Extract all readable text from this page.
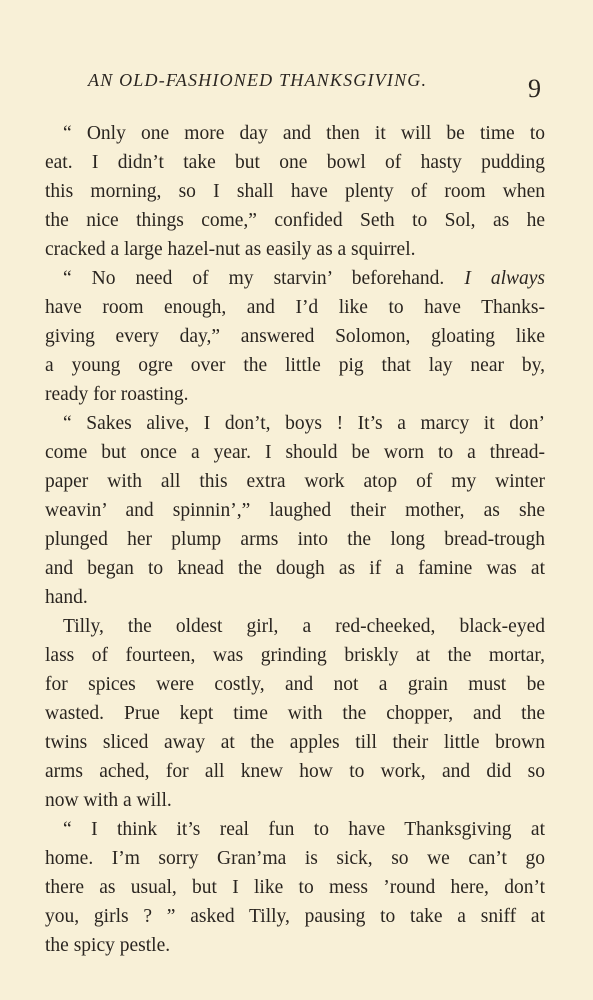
AN OLD-FASHIONED THANKSGIVING.	9
“ Only one more day and then it will be time to
eat. I didn’t take but one bowl of hasty pudding
this morning, so I shall have plenty of room when
the nice things come,” confided Seth to Sol, as he
cracked a large hazel-nut as easily as a squirrel.
“ No need of my starvin’ beforehand. I always
have room enough, and I’d like to have Thanks-
giving every day,” answered Solomon, gloating like
a young ogre over the little pig that lay near by,
ready for roasting.
“ Sakes alive, I don’t, boys ! It’s a marcy it don’
come but once a year. I should be worn to a thread-
paper with all this extra work atop of my winter
weavin’ and spinnin’,” laughed their mother, as she
plunged her plump arms into the long bread-trough
and began to knead the dough as if a famine was at
hand.
Tilly, the oldest girl, a red-cheeked, black-eyed
lass of fourteen, was grinding briskly at the mortar,
for spices were costly, and not a grain must be
wasted. Prue kept time with the chopper, and the
twins sliced away at the apples till their little brown
arms ached, for all knew how to work, and did so
now with a will.
“ I think it’s real fun to have Thanksgiving at
home. I’m sorry Gran’ma is sick, so we can’t go
there as usual, but I like to mess ’round here, don’t
you, girls ? ” asked Tilly, pausing to take a sniff at
the spicy pestle.
